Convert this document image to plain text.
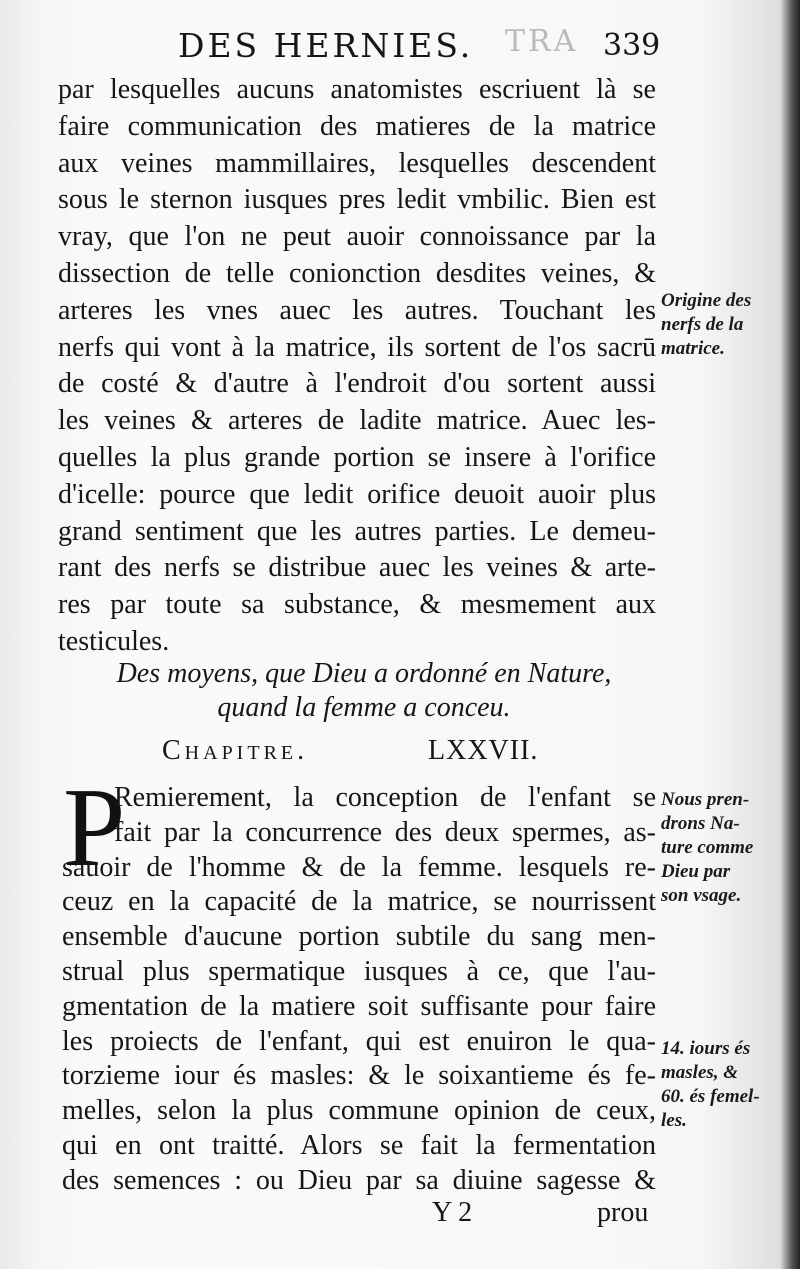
DES HERNIES. TRA 339
par lesquelles aucuns anatomistes escriuent là se
faire communication des matieres de la matrice
aux veines mammillaires, lesquelles descendent
sous le sternon iusques pres ledit vmbilic. Bien est
vray, que l'on ne peut auoir connoissance par la
dissection de telle conionction desdites veines, &
arteres les vnes auec les autres. Touchant les
nerfs qui vont à la matrice, ils sortent de l'os sacrū
de costé & d'autre à l'endroit d'ou sortent aussi
les veines & arteres de ladite matrice. Auec les-
quelles la plus grande portion se insere à l'orifice
d'icelle: pource que ledit orifice deuoit auoir plus
grand sentiment que les autres parties. Le demeu-
rant des nerfs se distribue auec les veines & arte-
res par toute sa substance, & mesmement aux
testicules.
Origine des
nerfs de la
matrice.
Des moyens, que Dieu a ordonné en Nature,
quand la femme a conceu.
Chapitre.	LXXVII.
P
Remierement, la conception de l'enfant se
fait par la concurrence des deux spermes, as-
sauoir de l'homme & de la femme. lesquels re-
ceuz en la capacité de la matrice, se nourrissent
ensemble d'aucune portion subtile du sang men-
strual plus spermatique iusques à ce, que l'au-
gmentation de la matiere soit suffisante pour faire
les proiects de l'enfant, qui est enuiron le qua-
torzieme iour és masles: & le soixantieme és fe-
melles, selon la plus commune opinion de ceux,
qui en ont traitté. Alors se fait la fermentation
des semences : ou Dieu par sa diuine sagesse &
Nous pren-
drons Na-
ture comme
Dieu par
son vsage.
14. iours és
masles, &
60. és femel-
les.
Y 2	prou
